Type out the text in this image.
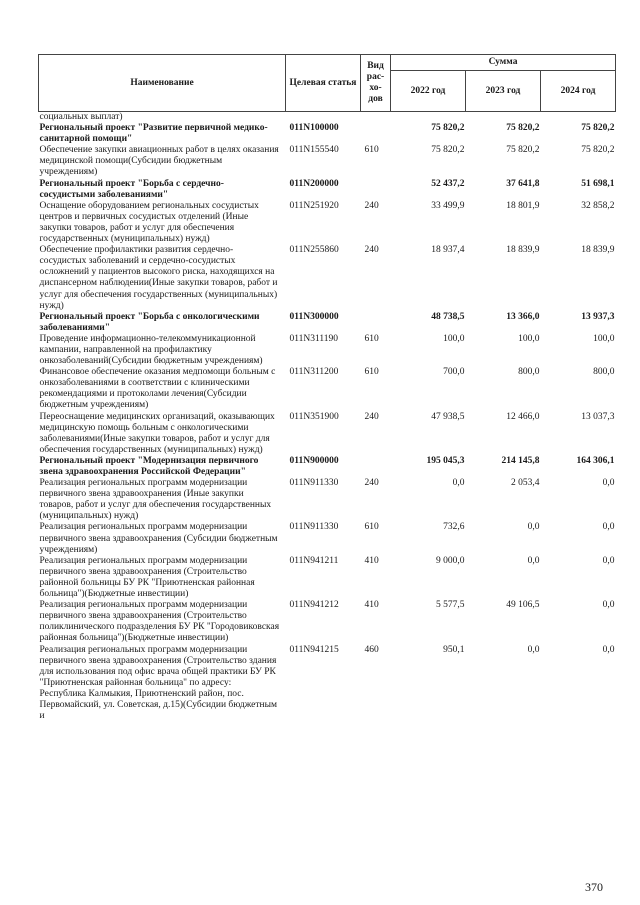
Наименование	Целевая статья	Вид рас-хо-дов	Сумма		
			2022 год	2023 год	2024 год
социальных выплат)					
Региональный проект "Развитие первичной медико-санитарной помощи"	011N100000		75 820,2	75 820,2	75 820,2
Обеспечение закупки авиационных работ в целях оказания медицинской помощи(Субсидии бюджетным учреждениям)	011N155540	610	75 820,2	75 820,2	75 820,2
Региональный проект "Борьба с сердечно-сосудистыми заболеваниями"	011N200000		52 437,2	37 641,8	51 698,1
Оснащение оборудованием региональных сосудистых центров и первичных сосудистых отделений (Иные закупки товаров, работ и услуг для обеспечения государственных (муниципальных) нужд)	011N251920	240	33 499,9	18 801,9	32 858,2
Обеспечение профилактики развития сердечно-сосудистых заболеваний и сердечно-сосудистых осложнений у пациентов высокого риска, находящихся на диспансерном наблюдении(Иные закупки товаров, работ и услуг для обеспечения государственных (муниципальных) нужд)	011N255860	240	18 937,4	18 839,9	18 839,9
Региональный проект "Борьба с онкологическими заболеваниями"	011N300000		48 738,5	13 366,0	13 937,3
Проведение информационно-телекоммуникационной кампании, направленной на профилактику онкозаболеваний(Субсидии бюджетным учреждениям)	011N311190	610	100,0	100,0	100,0
Финансовое обеспечение оказания медпомощи больным с онкозаболеваниями в соответствии с клиническими рекомендациями и протоколами лечения(Субсидии бюджетным учреждениям)	011N311200	610	700,0	800,0	800,0
Переоснащение медицинских организаций, оказывающих медицинскую помощь больным с онкологическими заболеваниями(Иные закупки товаров, работ и услуг для обеспечения государственных (муниципальных) нужд)	011N351900	240	47 938,5	12 466,0	13 037,3
Региональный проект "Модернизация первичного звена здравоохранения Российской Федерации"	011N900000		195 045,3	214 145,8	164 306,1
Реализация региональных программ модернизации первичного звена здравоохранения (Иные закупки товаров, работ и услуг для обеспечения государственных (муниципальных) нужд)	011N911330	240	0,0	2 053,4	0,0
Реализация региональных программ модернизации первичного звена здравоохранения (Субсидии бюджетным учреждениям)	011N911330	610	732,6	0,0	0,0
Реализация региональных программ модернизации первичного звена здравоохранения (Строительство районной больницы БУ РК "Приютненская районная больница")(Бюджетные инвестиции)	011N941211	410	9 000,0	0,0	0,0
Реализация региональных программ модернизации первичного звена здравоохранения (Строительство поликлинического подразделения БУ РК "Городовиковская районная больница")(Бюджетные инвестиции)	011N941212	410	5 577,5	49 106,5	0,0
Реализация региональных программ модернизации первичного звена здравоохранения (Строительство здания для использования под офис врача общей практики БУ РК "Приютненская районная больница" по адресу: Республика Калмыкия, Приютненский район, пос. Первомайский, ул. Советская, д.15)(Субсидии бюджетным и	011N941215	460	950,1	0,0	0,0
370
